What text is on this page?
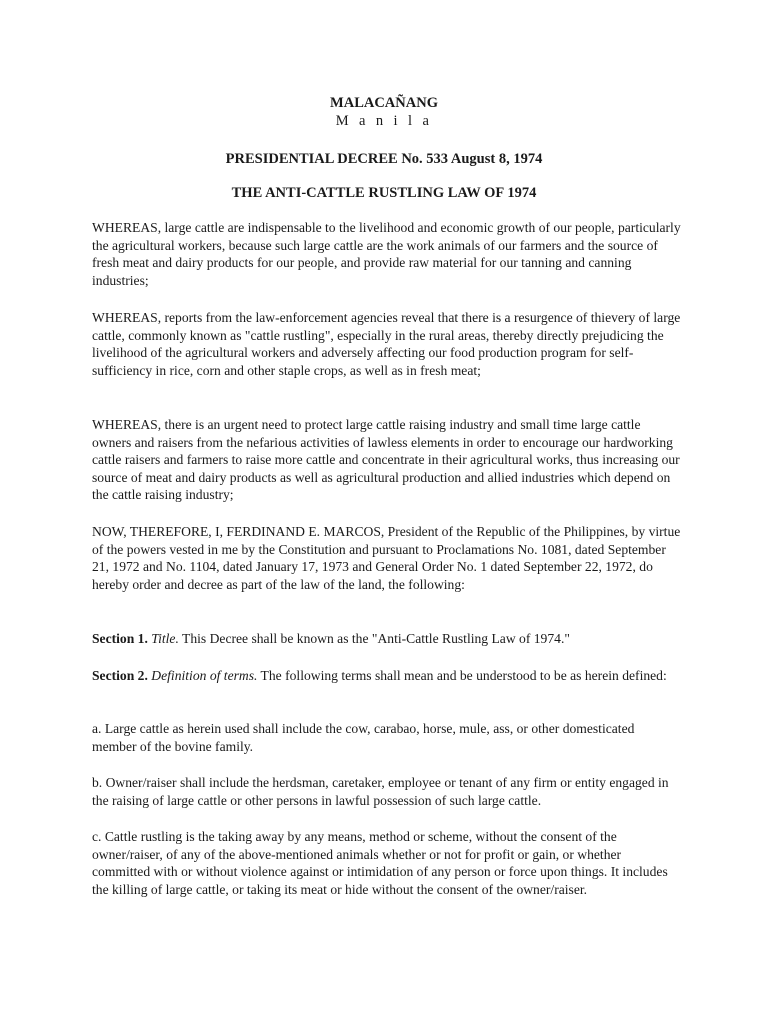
MALACAÑANG

M a n i l a

PRESIDENTIAL DECREE No. 533 August 8, 1974

THE ANTI-CATTLE RUSTLING LAW OF 1974

WHEREAS, large cattle are indispensable to the livelihood and economic growth of our people, particularly the agricultural workers, because such large cattle are the work animals of our farmers and the source of fresh meat and dairy products for our people, and provide raw material for our tanning and canning industries;

WHEREAS, reports from the law-enforcement agencies reveal that there is a resurgence of thievery of large cattle, commonly known as "cattle rustling", especially in the rural areas, thereby directly prejudicing the livelihood of the agricultural workers and adversely affecting our food production program for self-sufficiency in rice, corn and other staple crops, as well as in fresh meat;

WHEREAS, there is an urgent need to protect large cattle raising industry and small time large cattle owners and raisers from the nefarious activities of lawless elements in order to encourage our hardworking cattle raisers and farmers to raise more cattle and concentrate in their agricultural works, thus increasing our source of meat and dairy products as well as agricultural production and allied industries which depend on the cattle raising industry;

NOW, THEREFORE, I, FERDINAND E. MARCOS, President of the Republic of the Philippines, by virtue of the powers vested in me by the Constitution and pursuant to Proclamations No. 1081, dated September 21, 1972 and No. 1104, dated January 17, 1973 and General Order No. 1 dated September 22, 1972, do hereby order and decree as part of the law of the land, the following:

Section 1. Title. This Decree shall be known as the "Anti-Cattle Rustling Law of 1974."

Section 2. Definition of terms. The following terms shall mean and be understood to be as herein defined:

a. Large cattle as herein used shall include the cow, carabao, horse, mule, ass, or other domesticated member of the bovine family.

b. Owner/raiser shall include the herdsman, caretaker, employee or tenant of any firm or entity engaged in the raising of large cattle or other persons in lawful possession of such large cattle.

c. Cattle rustling is the taking away by any means, method or scheme, without the consent of the owner/raiser, of any of the above-mentioned animals whether or not for profit or gain, or whether committed with or without violence against or intimidation of any person or force upon things. It includes the killing of large cattle, or taking its meat or hide without the consent of the owner/raiser.
